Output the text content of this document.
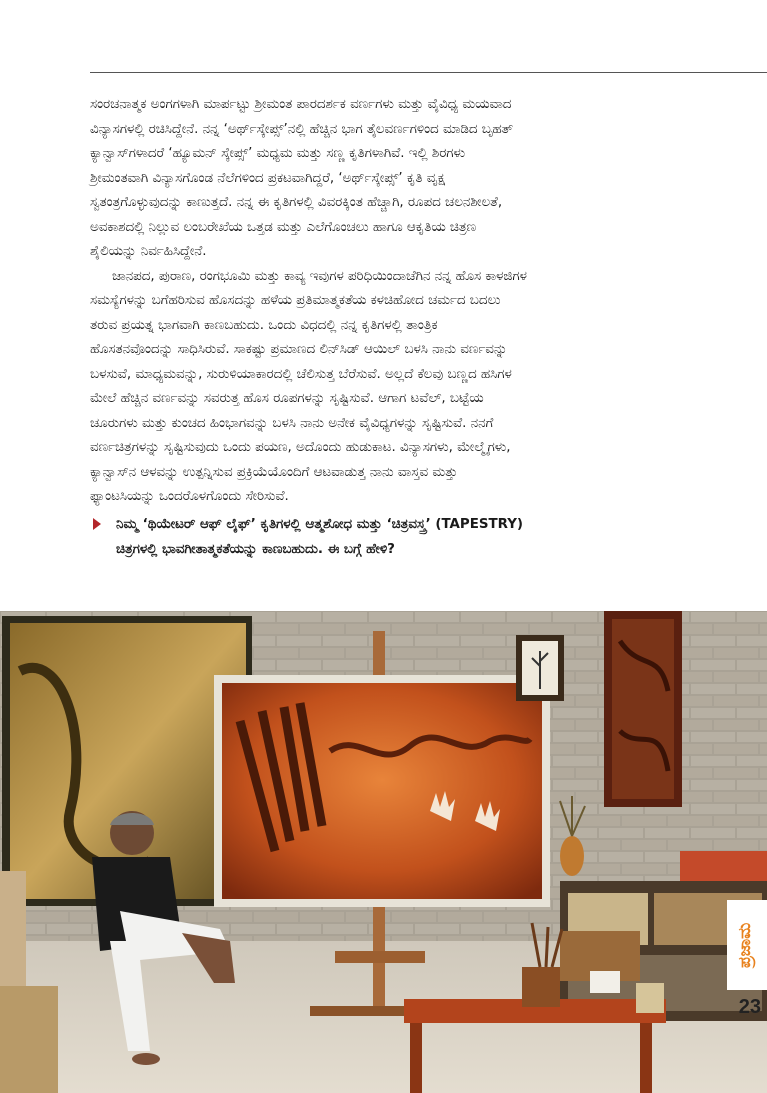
ಸಂರಚನಾತ್ಮಕ ಅಂಗಗಳಾಗಿ ಮಾರ್ಪಟ್ಟು ಶ್ರೀಮಂತ ಪಾರದರ್ಶಕ ವರ್ಣಗಳು ಮತ್ತು ವೈವಿಧ್ಯ ಮಯವಾದ
ವಿನ್ಯಾಸಗಳಲ್ಲಿ ರಚಿಸಿದ್ದೇನೆ. ನನ್ನ ‘ಅರ್ಥ್‌ಸ್ಕೇಪ್ಸ್’ನಲ್ಲಿ ಹೆಚ್ಚಿನ ಭಾಗ ತೈಲವರ್ಣಗಳಿಂದ ಮಾಡಿದ ಬೃಹತ್
ಕ್ಯಾನ್ವಾಸ್‌ಗಳಾದರೆ ‘ಹ್ಯೂಮನ್ ಸ್ಕೇಪ್ಸ್’ ಮಧ್ಯಮ ಮತ್ತು ಸಣ್ಣ ಕೃತಿಗಳಾಗಿವೆ. ಇಲ್ಲಿ ಶಿರಗಳು
ಶ್ರೀಮಂತವಾಗಿ ವಿನ್ಯಾಸಗೊಂಡ ನೆಲೆಗಳಿಂದ ಪ್ರಕಟವಾಗಿದ್ದರೆ, ‘ಅರ್ಥ್‌ಸ್ಕೇಪ್ಸ್’ ಕೃತಿ ವೃಕ್ಷ
ಸ್ವತಂತ್ರಗೊಳ್ಳುವುದನ್ನು ಕಾಣುತ್ತದೆ. ನನ್ನ ಈ ಕೃತಿಗಳಲ್ಲಿ ವಿವರಕ್ಕಿಂತ ಹೆಚ್ಚಾಗಿ, ರೂಪದ ಚಲನಶೀಲತೆ,
ಅವಕಾಶದಲ್ಲಿ ನಿಲ್ಲುವ ಲಂಬರೇಖೆಯ ಒತ್ತಡ ಮತ್ತು ಎಲೆಗೊಂಚಲು ಹಾಗೂ ಆಕೃತಿಯ ಚಿತ್ರಣ
ಶೈಲಿಯನ್ನು ನಿರ್ವಹಿಸಿದ್ದೇನೆ.

ಜಾನಪದ, ಪುರಾಣ, ರಂಗಭೂಮಿ ಮತ್ತು ಕಾವ್ಯ ಇವುಗಳ ಪರಿಧಿಯಿಂದಾಚೆಗಿನ ನನ್ನ ಹೊಸ ಕಾಳಜಿಗಳ
ಸಮಸ್ಯೆಗಳನ್ನು ಬಗೆಹರಿಸುವ ಹೊಸದನ್ನು ಹಳೆಯ ಪ್ರತಿಮಾತ್ಮಕತೆಯ ಕಳಚಿಹೋದ ಚರ್ಮದ ಬದಲು
ತರುವ ಪ್ರಯತ್ನ ಭಾಗವಾಗಿ ಕಾಣಬಹುದು. ಒಂದು ವಿಧದಲ್ಲಿ ನನ್ನ ಕೃತಿಗಳಲ್ಲಿ ತಾಂತ್ರಿಕ
ಹೊಸತನವೊಂದನ್ನು ಸಾಧಿಸಿರುವೆ. ಸಾಕಷ್ಟು ಪ್ರಮಾಣದ ಲಿನ್‌ಸಿಡ್ ಆಯಿಲ್ ಬಳಸಿ ನಾನು ವರ್ಣವನ್ನು
ಬಳಸುವೆ, ಮಾಧ್ಯಮವನ್ನು, ಸುರುಳಿಯಾಕಾರದಲ್ಲಿ ಚೆಲಿಸುತ್ತ ಬೆರೆಸುವೆ. ಅಲ್ಲದೆ ಕೆಲವು ಬಣ್ಣದ ಹಸಿಗಳ
ಮೇಲೆ ಹೆಚ್ಚಿನ ವರ್ಣವನ್ನು ಸವರುತ್ತ ಹೊಸ ರೂಪಗಳನ್ನು ಸೃಷ್ಟಿಸುವೆ. ಆಗಾಗ ಟವೆಲ್, ಬಟ್ಟೆಯ
ಚೂರುಗಳು ಮತ್ತು ಕುಂಚದ ಹಿಂಭಾಗವನ್ನು ಬಳಸಿ ನಾನು ಅನೇಕ ವೈವಿಧ್ಯಗಳನ್ನು ಸೃಷ್ಟಿಸುವೆ. ನನಗೆ
ವರ್ಣಚಿತ್ರಗಳನ್ನು ಸೃಷ್ಟಿಸುವುದು ಒಂದು ಪಯಣ, ಅದೊಂದು ಹುಡುಕಾಟ. ವಿನ್ಯಾಸಗಳು, ಮೇಲ್ಮೈಗಳು,
ಕ್ಯಾನ್ವಾಸ್‌ನ ಆಳವನ್ನು ಉತ್ಪನ್ನಿಸುವ ಪ್ರಕ್ರಿಯೆಯೊಂದಿಗೆ ಆಟವಾಡುತ್ತ ನಾನು ವಾಸ್ತವ ಮತ್ತು
ಫ್ಯಾಂಟಸಿಯನ್ನು ಒಂದರೊಳಗೊಂದು ಸೇರಿಸುವೆ.

ನಿಮ್ಮ ‘ಥಿಯೇಟರ್ ಆಫ್ ಲೈಫ್’ ಕೃತಿಗಳಲ್ಲಿ ಆತ್ಮಶೋಧ ಮತ್ತು ‘ಚಿತ್ರವಸ್ತ್ರ’ (TAPESTRY)
ಚಿತ್ರಗಳಲ್ಲಿ ಭಾವಗೀತಾತ್ಮಕತೆಯನ್ನು ಕಾಣಬಹುದು. ಈ ಬಗ್ಗೆ ಹೇಳಿ?
ಪ್ರಜಾಮ
23
